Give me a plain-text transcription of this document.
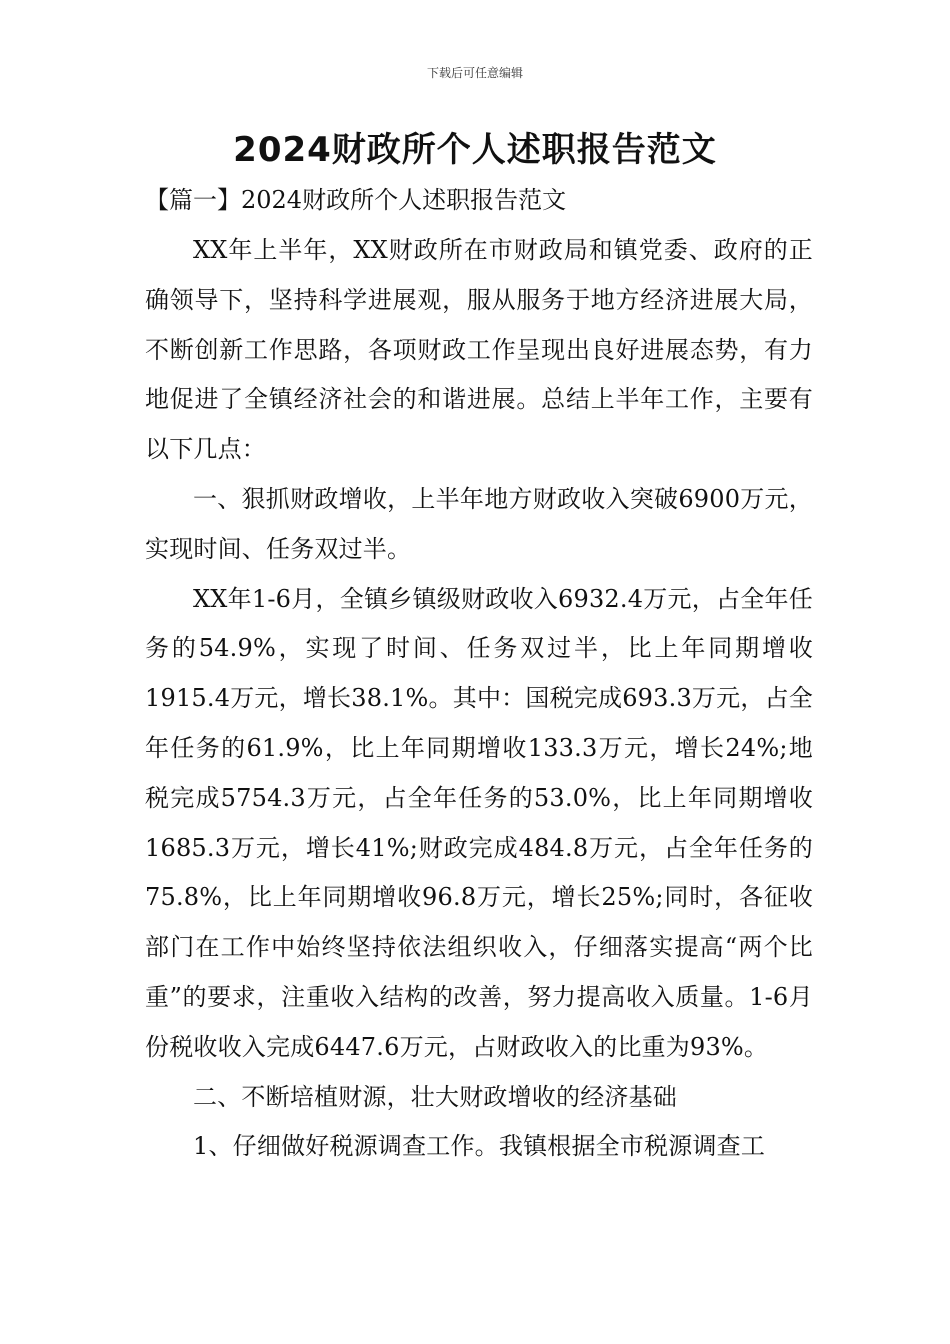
下载后可任意编辑
2024财政所个人述职报告范文
【篇一】2024财政所个人述职报告范文

XX年上半年，XX财政所在市财政局和镇党委、政府的正确领导下，坚持科学进展观，服从服务于地方经济进展大局，不断创新工作思路，各项财政工作呈现出良好进展态势，有力地促进了全镇经济社会的和谐进展。总结上半年工作，主要有以下几点：

一、狠抓财政增收，上半年地方财政收入突破6900万元，实现时间、任务双过半。

XX年1-6月，全镇乡镇级财政收入6932.4万元，占全年任务的54.9%，实现了时间、任务双过半，比上年同期增收1915.4万元，增长38.1%。其中：国税完成693.3万元，占全年任务的61.9%，比上年同期增收133.3万元，增长24%;地税完成5754.3万元，占全年任务的53.0%，比上年同期增收1685.3万元，增长41%;财政完成484.8万元，占全年任务的75.8%，比上年同期增收96.8万元，增长25%;同时，各征收部门在工作中始终坚持依法组织收入，仔细落实提高“两个比重”的要求，注重收入结构的改善，努力提高收入质量。1-6月份税收收入完成6447.6万元，占财政收入的比重为93%。

二、不断培植财源，壮大财政增收的经济基础

1、仔细做好税源调查工作。我镇根据全市税源调查工
